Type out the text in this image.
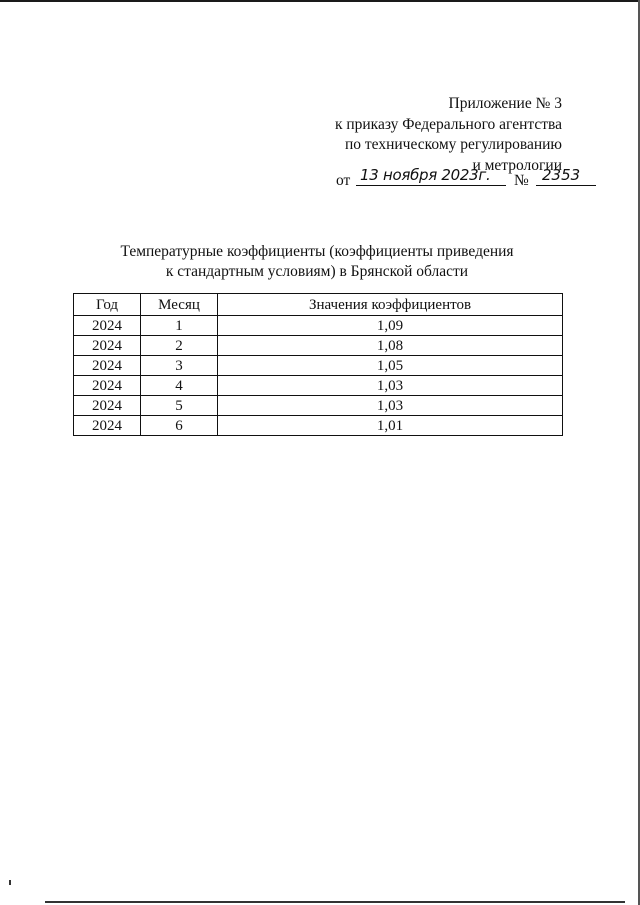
Приложение № 3
к приказу Федерального агентства
по техническому регулированию
и метрологии
от 13 ноября 2023г.	№ 2353
Температурные коэффициенты (коэффициенты приведения
к стандартным условиям) в Брянской области
Год	Месяц	Значения коэффициентов
2024	1	1,09
2024	2	1,08
2024	3	1,05
2024	4	1,03
2024	5	1,03
2024	6	1,01
